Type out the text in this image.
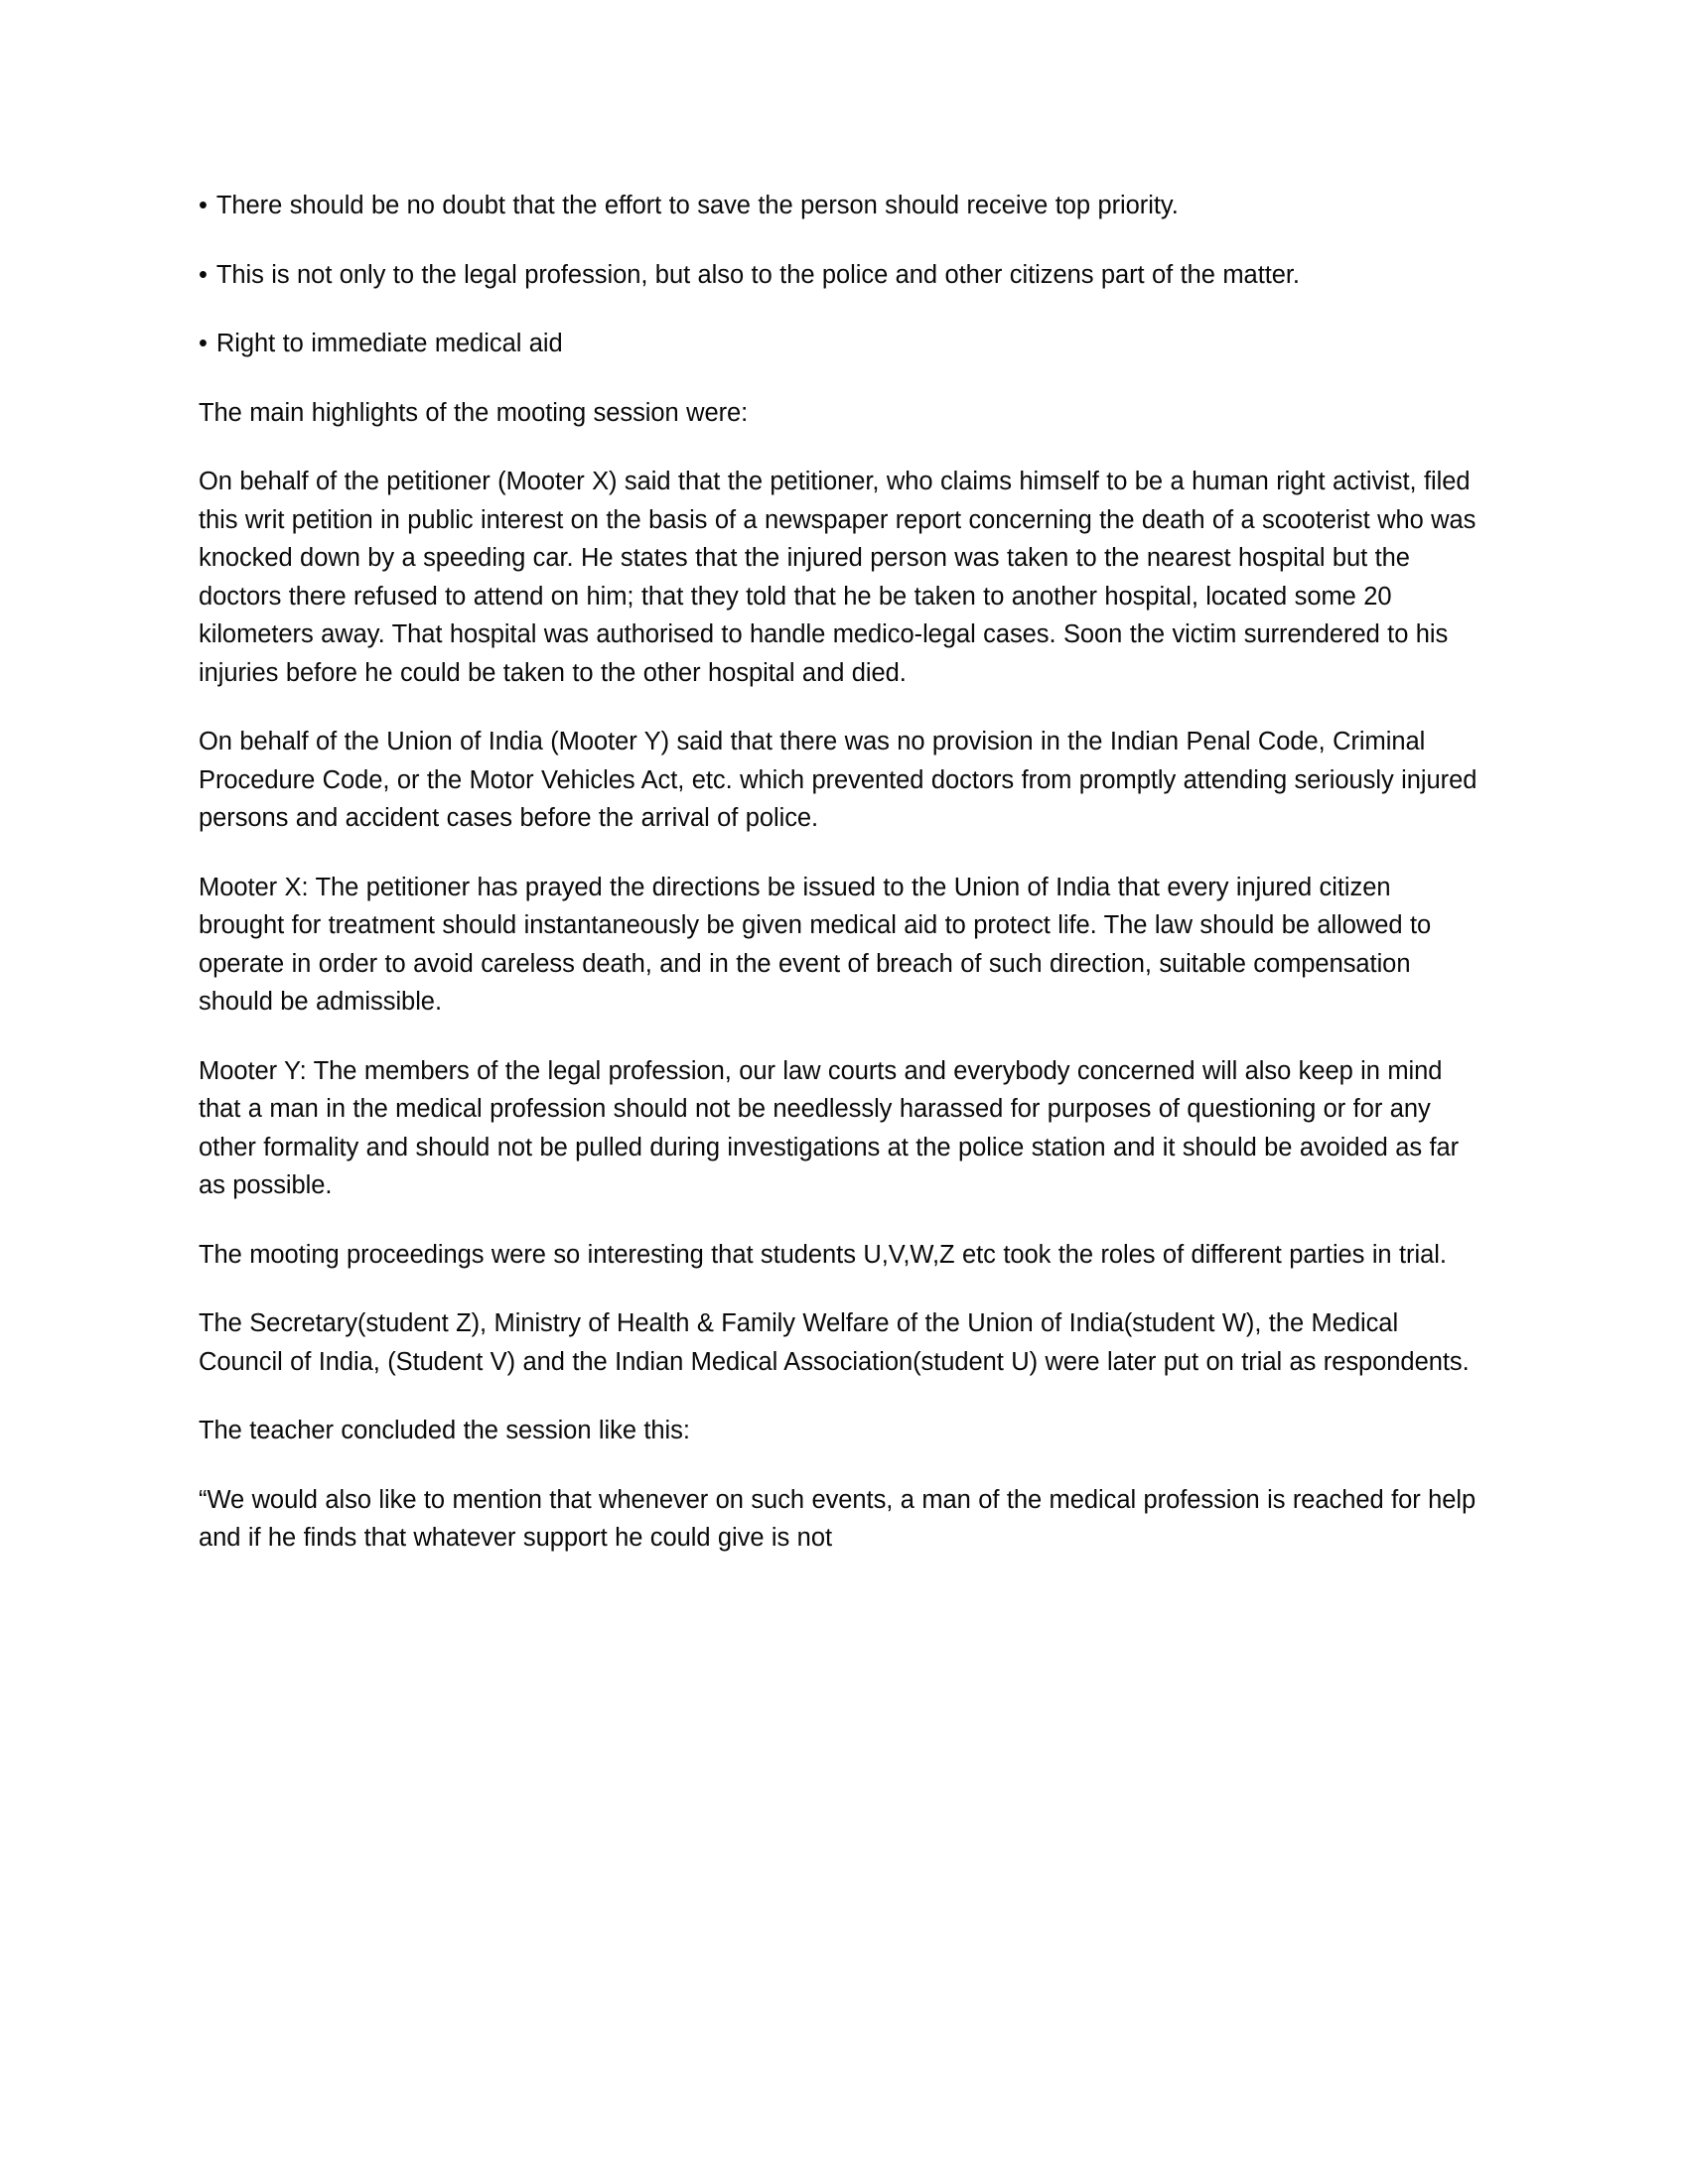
• There should be no doubt that the effort to save the person should receive top priority.

• This is not only to the legal profession, but also to the police and other citizens part of the matter.

• Right to immediate medical aid

The main highlights of the mooting session were:

On behalf of the petitioner (Mooter X) said that the petitioner, who claims himself to be a human right activist, filed this writ petition in public interest on the basis of a newspaper report concerning the death of a scooterist who was knocked down by a speeding car. He states that the injured person was taken to the nearest hospital but the doctors there refused to attend on him; that they told that he be taken to another hospital, located some 20 kilometers away. That hospital was authorised to handle medico-legal cases. Soon the victim surrendered to his injuries before he could be taken to the other hospital and died.

On behalf of the Union of India (Mooter Y) said that there was no provision in the Indian Penal Code, Criminal Procedure Code, or the Motor Vehicles Act, etc. which prevented doctors from promptly attending seriously injured persons and accident cases before the arrival of police.

Mooter X: The petitioner has prayed the directions be issued to the Union of India that every injured citizen brought for treatment should instantaneously be given medical aid to protect life. The law should be allowed to operate in order to avoid careless death, and in the event of breach of such direction, suitable compensation should be admissible.

Mooter Y: The members of the legal profession, our law courts and everybody concerned will also keep in mind that a man in the medical profession should not be needlessly harassed for purposes of questioning or for any other formality and should not be pulled during investigations at the police station and it should be avoided as far as possible.

The mooting proceedings were so interesting that students U,V,W,Z etc took the roles of different parties in trial.

The Secretary(student Z), Ministry of Health & Family Welfare of the Union of India(student W), the Medical Council of India, (Student V) and the Indian Medical Association(student U) were later put on trial as respondents.

The teacher concluded the session like this:

“We would also like to mention that whenever on such events, a man of the medical profession is reached for help and if he finds that whatever support he could give is not
